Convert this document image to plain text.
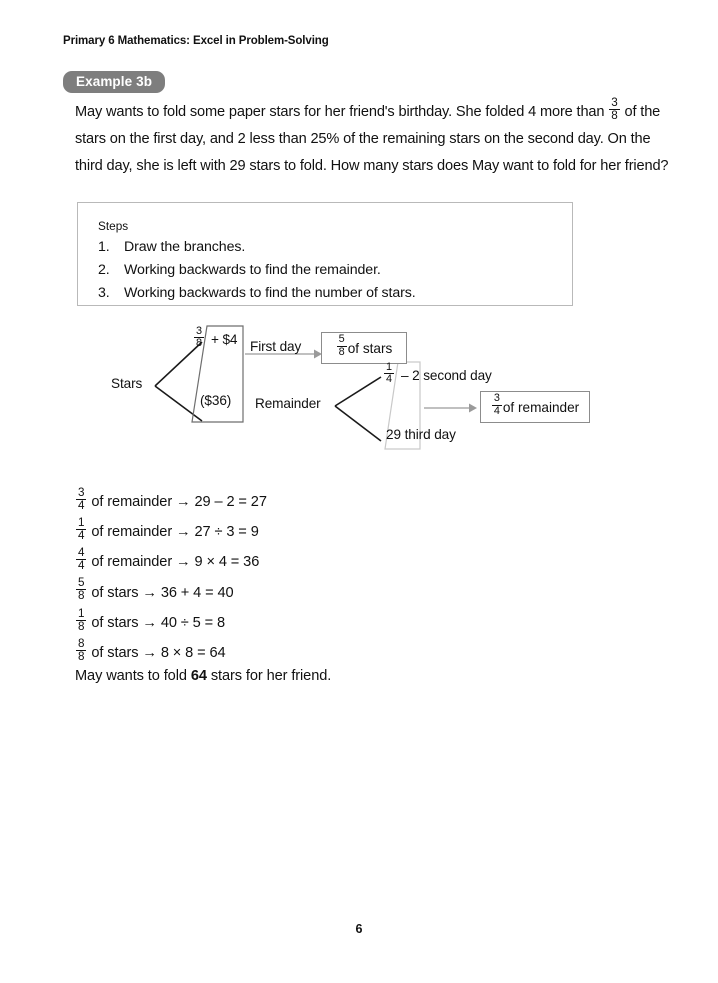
Primary 6 Mathematics: Excel in Problem-Solving
Example 3b
May wants to fold some paper stars for her friend's birthday. She folded 4 more than $\frac{3}{8}$ of the stars on the first day, and 2 less than 25% of the remaining stars on the second day. On the third day, she is left with 29 stars to fold. How many stars does May want to fold for her friend?
Steps
1.	Draw the branches.
2.	Working backwards to find the remainder.
3.	Working backwards to find the number of stars.
Stars
$\frac{3}{8}$ + $4
($36)
First day	$\frac{5}{8}$ of stars
Remainder
$\frac{1}{4} - 2$ second day
29 third day
$\frac{3}{4}$ of remainder
$\frac{3}{4}$ of remainder → 29 – 2 = 27
$\frac{1}{4}$ of remainder → 27 ÷ 3 = 9
$\frac{4}{4}$ of remainder → 9 × 4 = 36
$\frac{5}{8}$ of stars → 36 + 4 = 40
$\frac{1}{8}$ of stars → 40 ÷ 5 = 8
$\frac{8}{8}$ of stars → 8 × 8 = 64
May wants to fold 64 stars for her friend.
6
